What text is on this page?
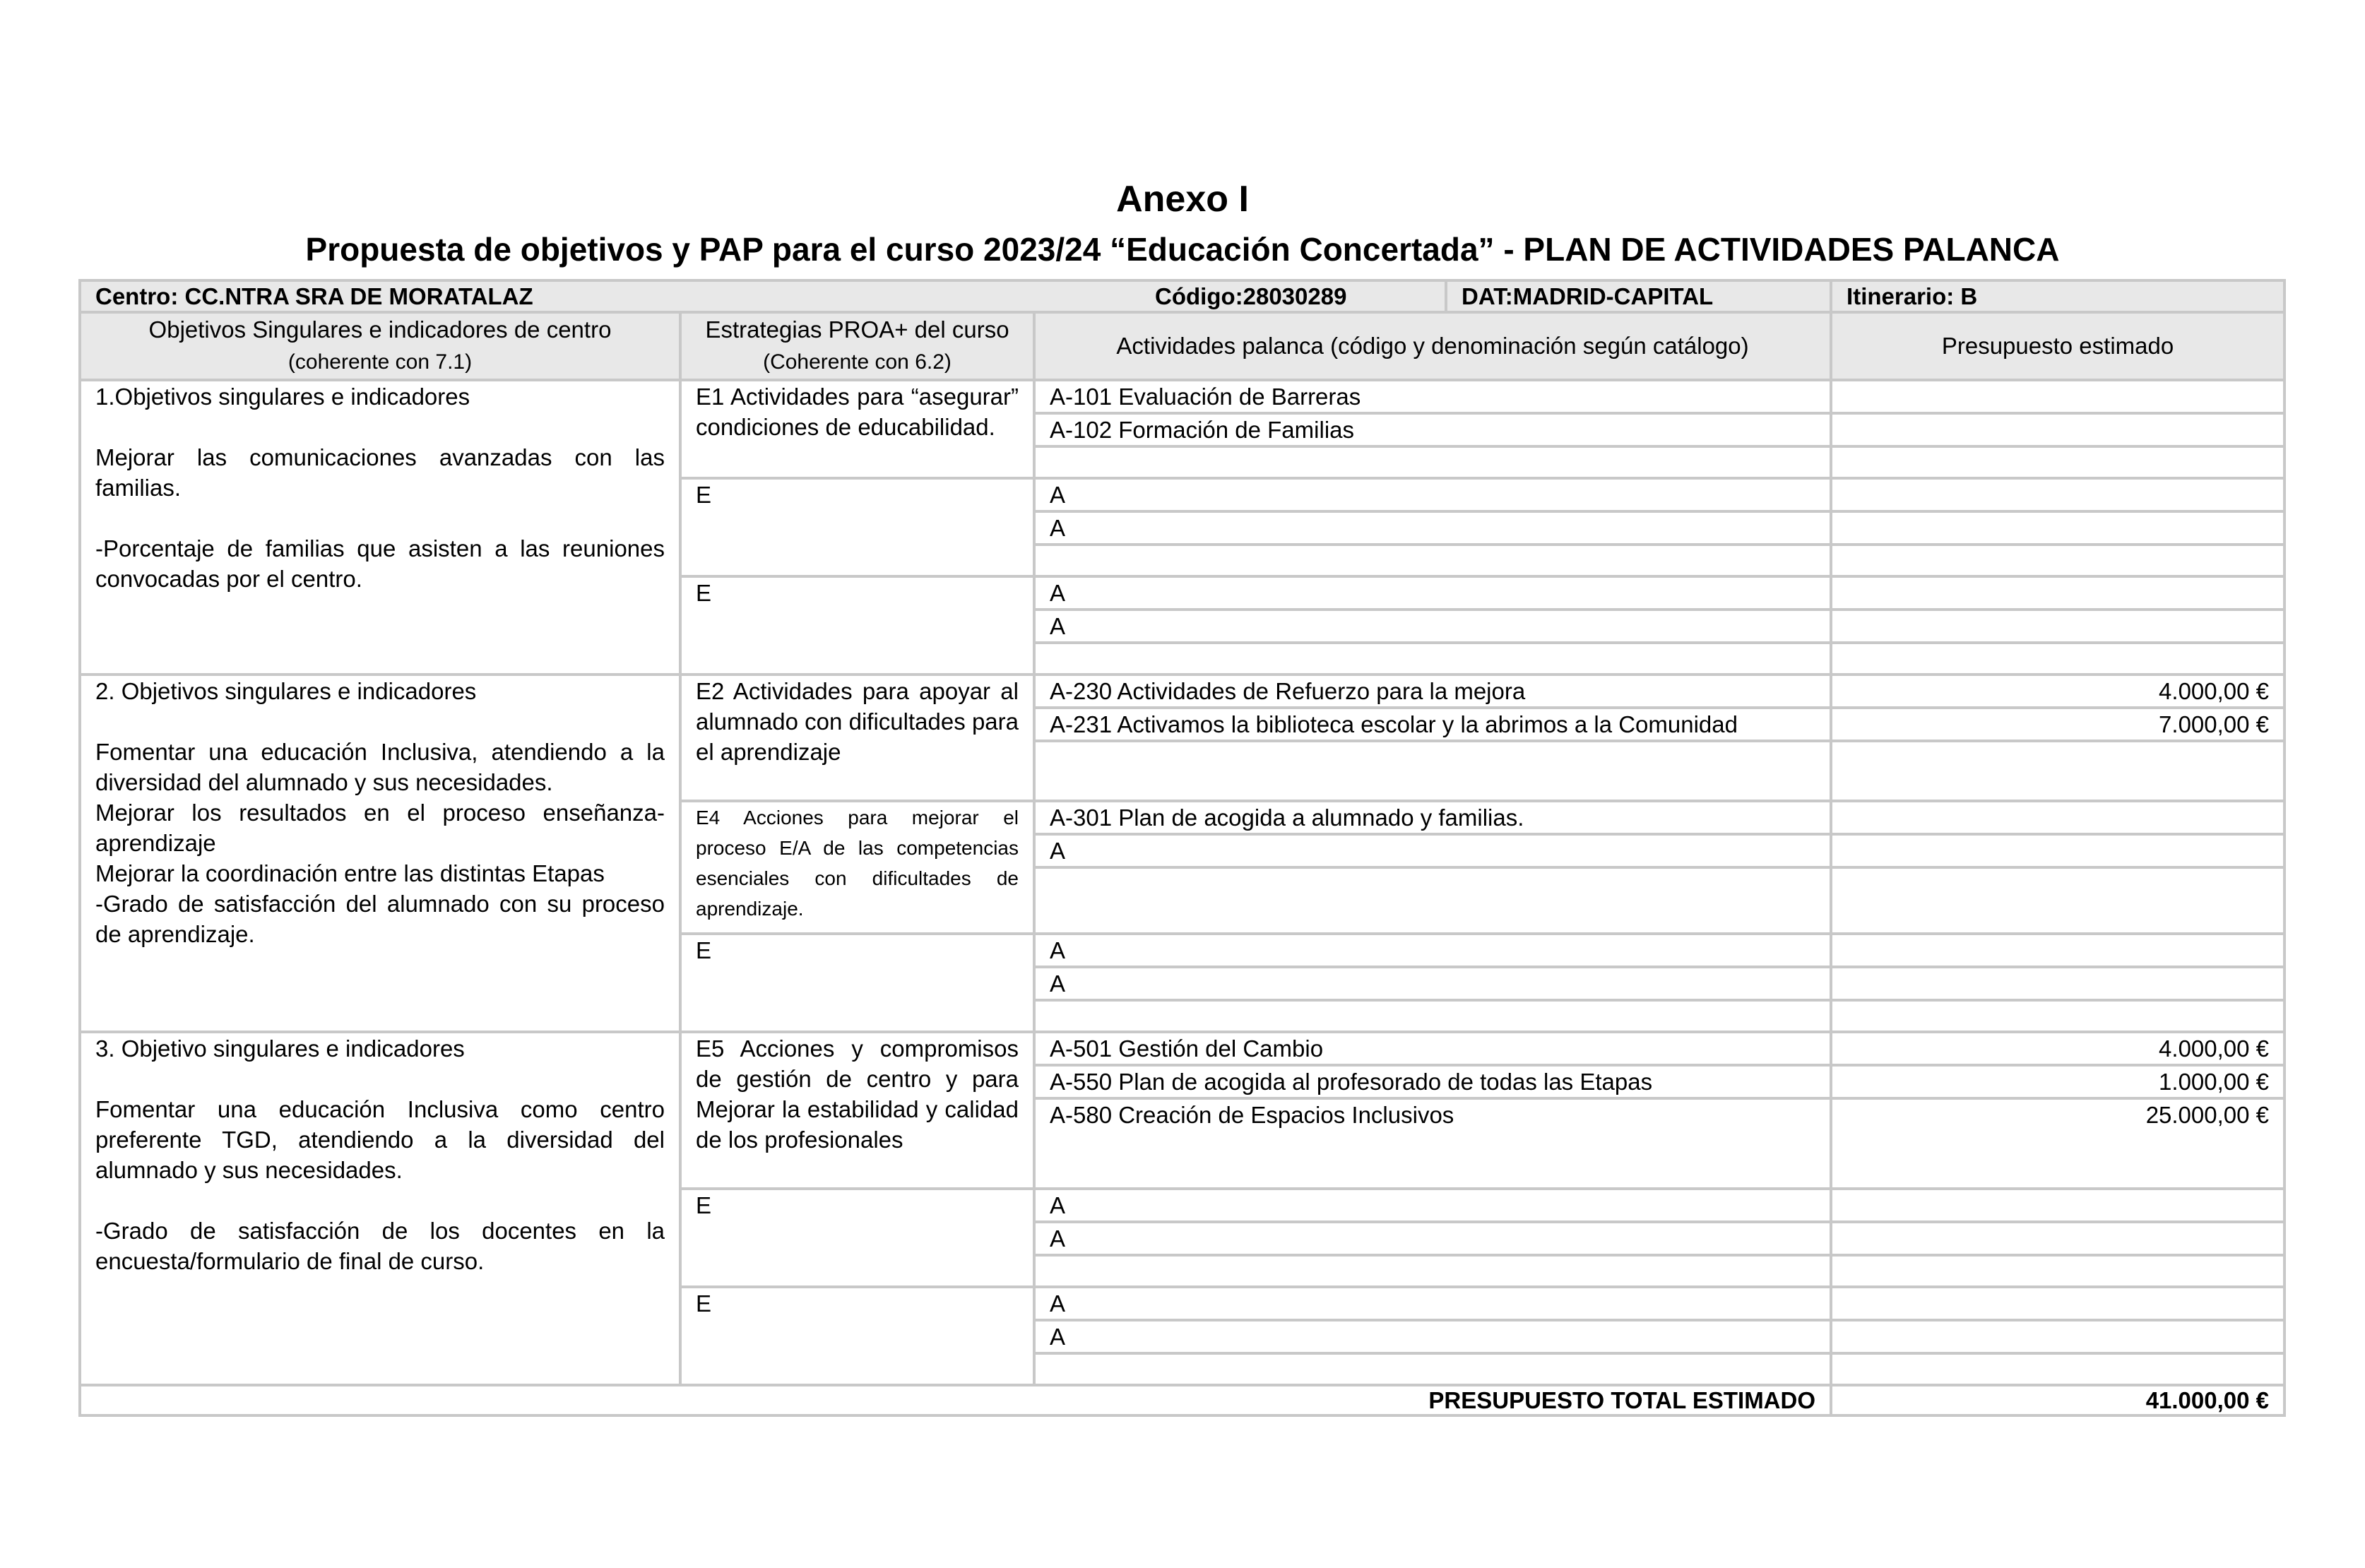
Anexo I
Propuesta de objetivos y PAP para el curso 2023/24 “Educación Concertada” - PLAN DE ACTIVIDADES PALANCA
Centro: CC.NTRA SRA DE MORATALAZ Código:28030289 DAT:MADRID-CAPITAL			Itinerario: B
Objetivos Singulares e indicadores de centro (coherente con 7.1)	Estrategias PROA+ del curso (Coherente con 6.2)	Actividades palanca (código y denominación según catálogo)	Presupuesto estimado
1.Objetivos singulares e indicadores

Mejorar las comunicaciones avanzadas con las familias.

-Porcentaje de familias que asisten a las reuniones convocadas por el centro.	E1 Actividades para “asegurar” condiciones de educabilidad.	A-101 Evaluación de Barreras	
		A-102 Formación de Familias	

	E	A	
		A	

	E	A	
		A	

2. Objetivos singulares e indicadores

Fomentar una educación Inclusiva, atendiendo a la diversidad del alumnado y sus necesidades.
Mejorar los resultados en el proceso enseñanza-aprendizaje
Mejorar la coordinación entre las distintas Etapas
-Grado de satisfacción del alumnado con su proceso de aprendizaje.	E2 Actividades para apoyar al alumnado con dificultades para el aprendizaje	A-230 Actividades de Refuerzo para la mejora	4.000,00 €
		A-231 Activamos la biblioteca escolar y la abrimos a la Comunidad	7.000,00 €

	E4 Acciones para mejorar el proceso E/A de las competencias esenciales con dificultades de aprendizaje.	A-301 Plan de acogida a alumnado y familias.	
		A	

	E	A	
		A	

3. Objetivo singulares e indicadores

Fomentar una educación Inclusiva como centro preferente TGD, atendiendo a la diversidad del alumnado y sus necesidades.

-Grado de satisfacción de los docentes en la encuesta/formulario de final de curso.	E5 Acciones y compromisos de gestión de centro y para Mejorar la estabilidad y calidad de los profesionales	A-501 Gestión del Cambio	4.000,00 €
		A-550 Plan de acogida al profesorado de todas las Etapas	1.000,00 €
		A-580 Creación de Espacios Inclusivos	25.000,00 €
	E	A	
		A	

	E	A	
		A	

PRESUPUESTO TOTAL ESTIMADO			41.000,00 €
